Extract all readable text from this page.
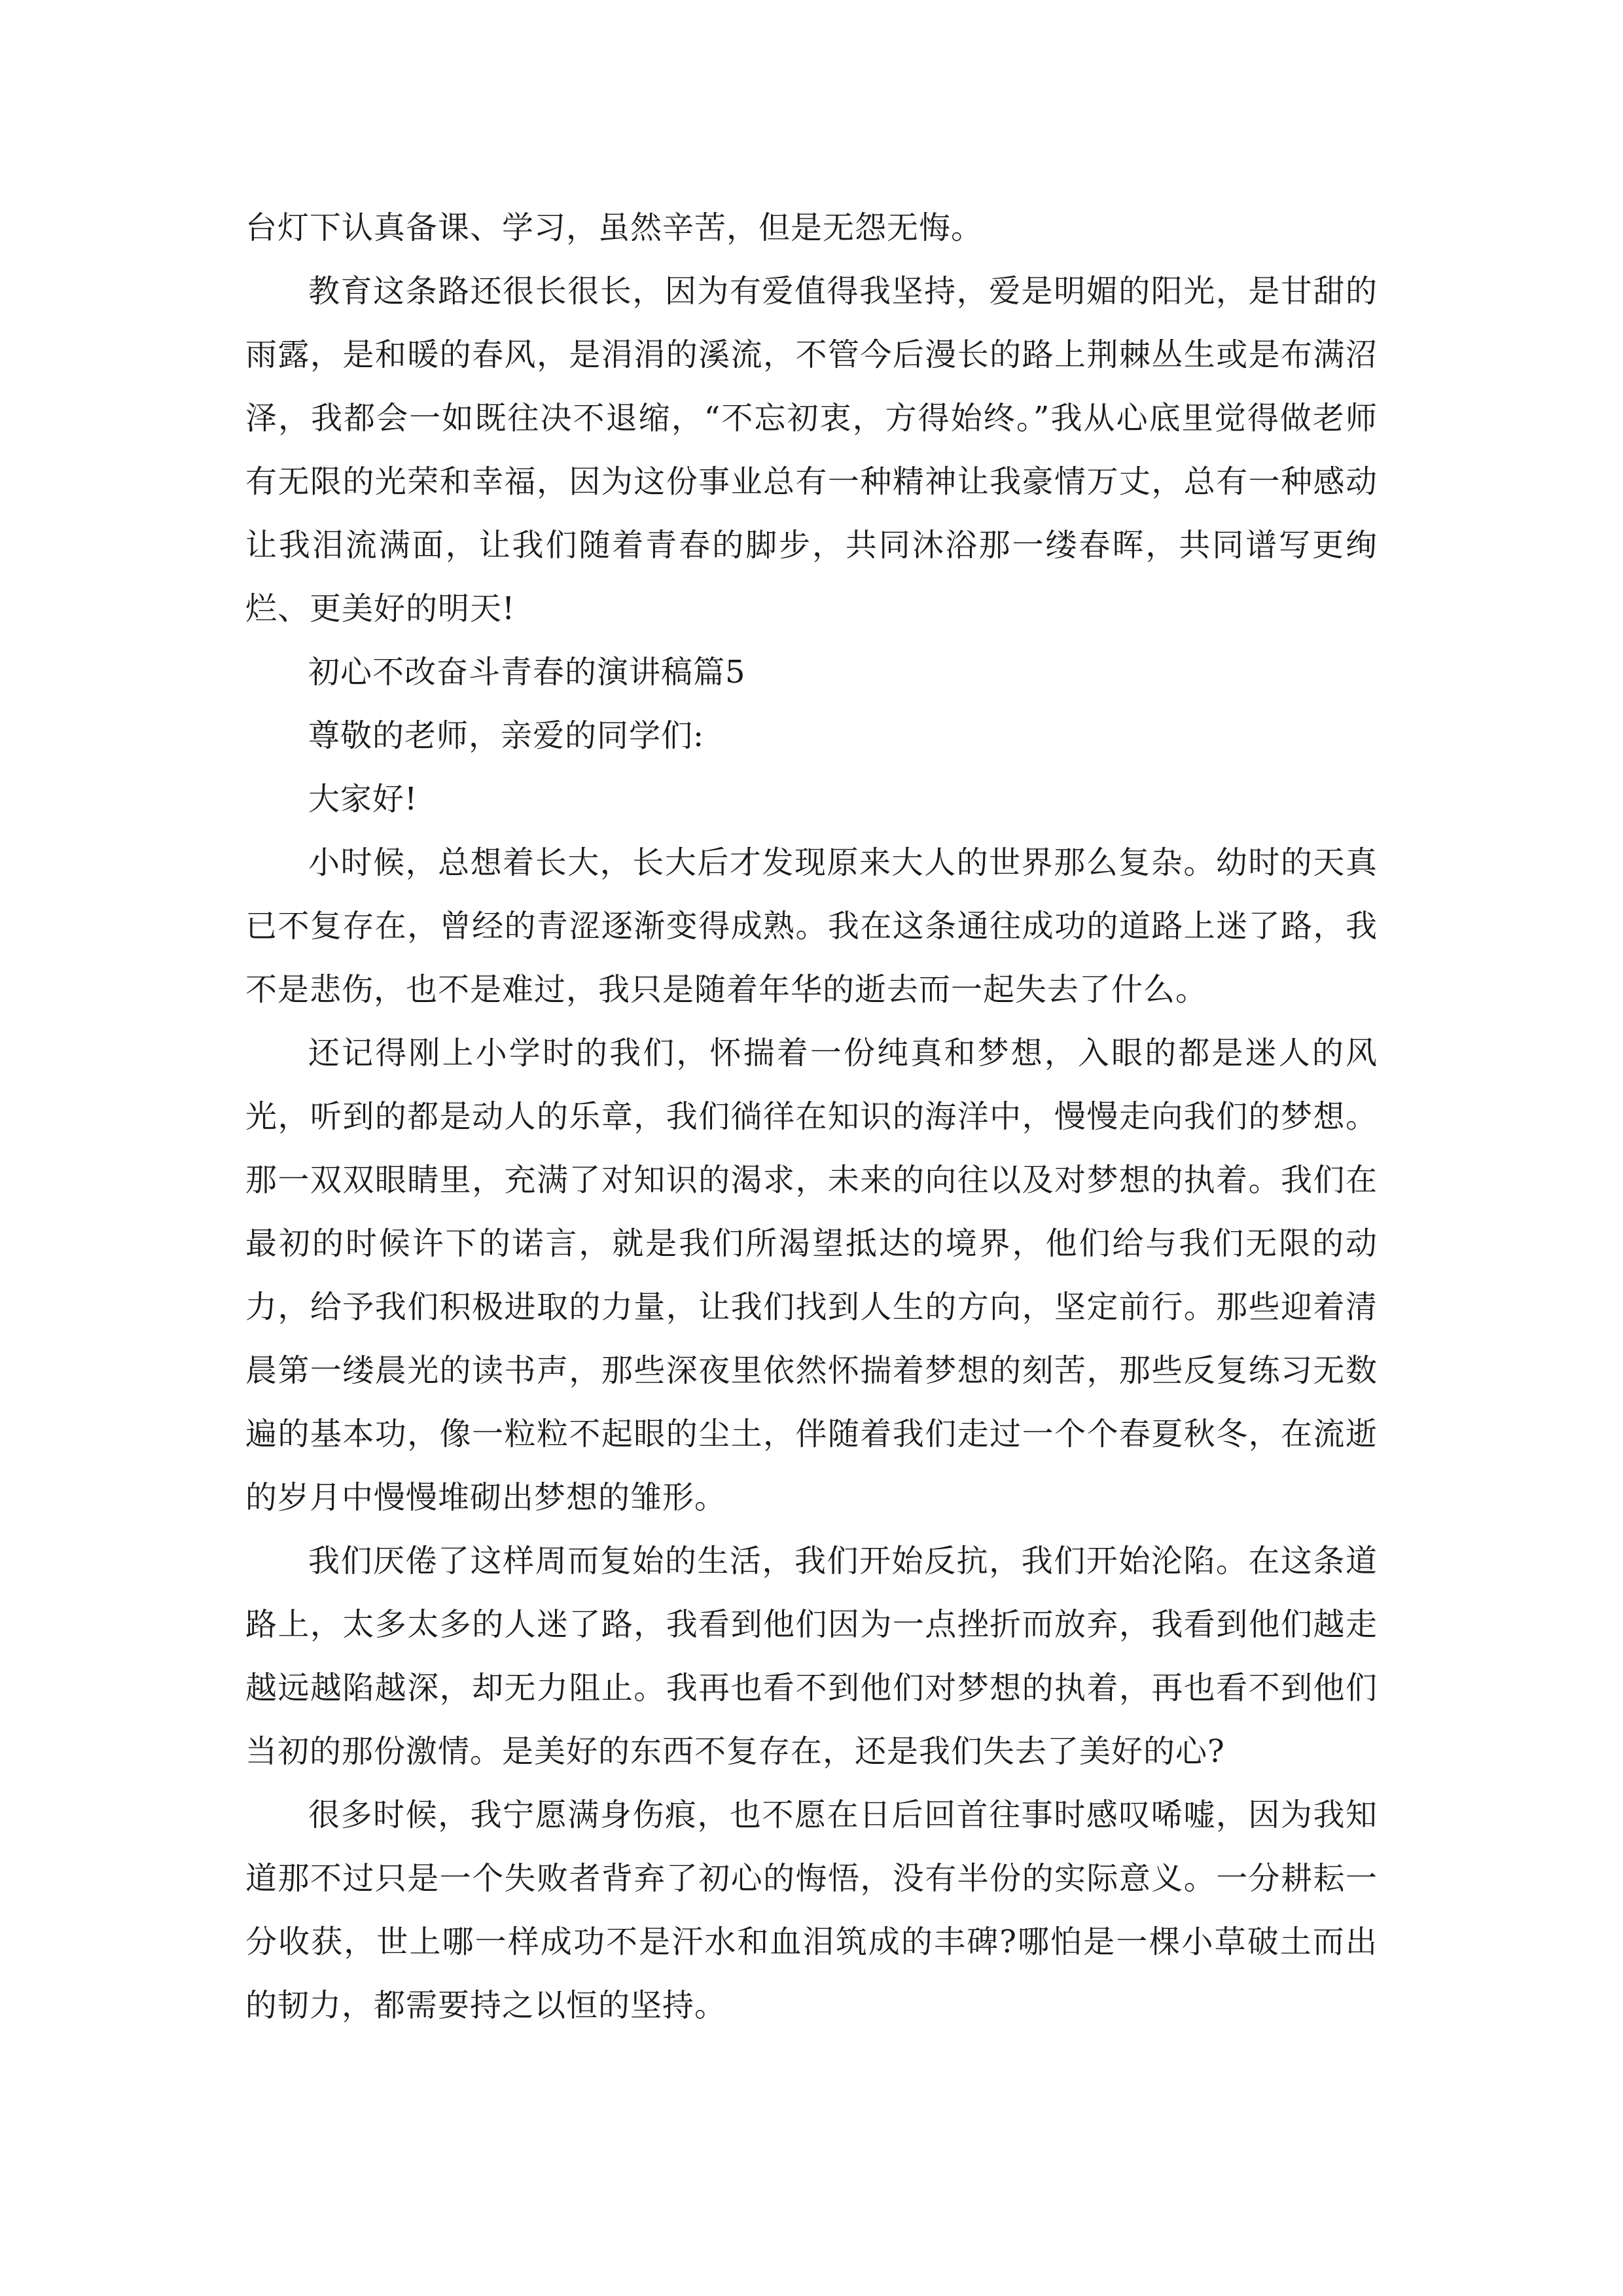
台灯下认真备课、学习，虽然辛苦，但是无怨无悔。

教育这条路还很长很长，因为有爱值得我坚持，爱是明媚的阳光，是甘甜的雨露，是和暖的春风，是涓涓的溪流，不管今后漫长的路上荆棘丛生或是布满沼泽，我都会一如既往决不退缩，“不忘初衷，方得始终。”我从心底里觉得做老师有无限的光荣和幸福，因为这份事业总有一种精神让我豪情万丈，总有一种感动让我泪流满面，让我们随着青春的脚步，共同沐浴那一缕春晖，共同谱写更绚烂、更美好的明天!

初心不改奋斗青春的演讲稿篇5

尊敬的老师，亲爱的同学们:

大家好!

小时候，总想着长大，长大后才发现原来大人的世界那么复杂。幼时的天真已不复存在，曾经的青涩逐渐变得成熟。我在这条通往成功的道路上迷了路，我不是悲伤，也不是难过，我只是随着年华的逝去而一起失去了什么。

还记得刚上小学时的我们，怀揣着一份纯真和梦想，入眼的都是迷人的风光，听到的都是动人的乐章，我们徜徉在知识的海洋中，慢慢走向我们的梦想。那一双双眼睛里，充满了对知识的渴求，未来的向往以及对梦想的执着。我们在最初的时候许下的诺言，就是我们所渴望抵达的境界，他们给与我们无限的动力，给予我们积极进取的力量，让我们找到人生的方向，坚定前行。那些迎着清晨第一缕晨光的读书声，那些深夜里依然怀揣着梦想的刻苦，那些反复练习无数遍的基本功，像一粒粒不起眼的尘土，伴随着我们走过一个个春夏秋冬，在流逝的岁月中慢慢堆砌出梦想的雏形。

我们厌倦了这样周而复始的生活，我们开始反抗，我们开始沦陷。在这条道路上，太多太多的人迷了路，我看到他们因为一点挫折而放弃，我看到他们越走越远越陷越深，却无力阻止。我再也看不到他们对梦想的执着，再也看不到他们当初的那份激情。是美好的东西不复存在，还是我们失去了美好的心?

很多时候，我宁愿满身伤痕，也不愿在日后回首往事时感叹唏嘘，因为我知道那不过只是一个失败者背弃了初心的悔悟，没有半份的实际意义。一分耕耘一分收获，世上哪一样成功不是汗水和血泪筑成的丰碑?哪怕是一棵小草破土而出的韧力，都需要持之以恒的坚持。
